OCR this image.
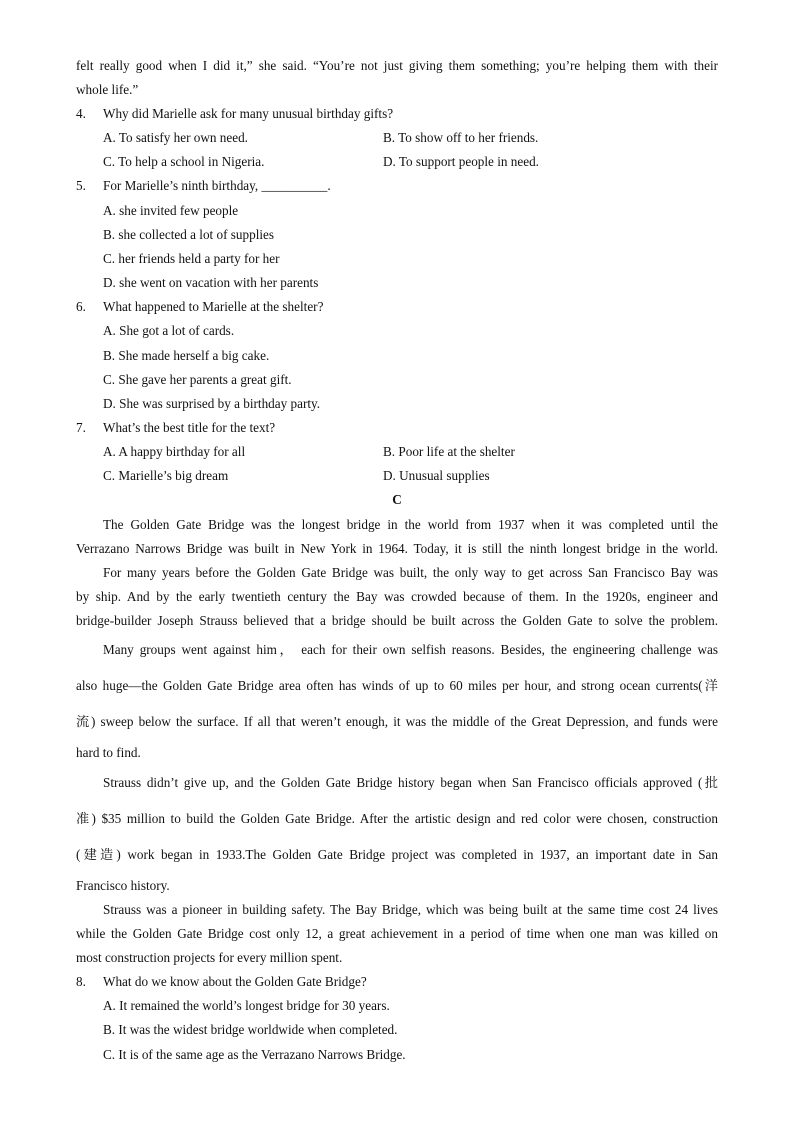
felt really good when I did it,” she said. “You’re not just giving them something; you’re helping them with their
whole life.”
4. Why did Marielle ask for many unusual birthday gifts?
A. To satisfy her own need.	B. To show off to her friends.
C. To help a school in Nigeria.	D. To support people in need.
5. For Marielle’s ninth birthday, __________.
A. she invited few people
B. she collected a lot of supplies
C. her friends held a party for her
D. she went on vacation with her parents
6. What happened to Marielle at the shelter?
A. She got a lot of cards.
B. She made herself a big cake.
C. She gave her parents a great gift.
D. She was surprised by a birthday party.
7. What’s the best title for the text?
A. A happy birthday for all	B. Poor life at the shelter
C. Marielle’s big dream	D. Unusual supplies
C
The Golden Gate Bridge was the longest bridge in the world from 1937 when it was completed until the
Verrazano Narrows Bridge was built in New York in 1964. Today, it is still the ninth longest bridge in the world.
For many years before the Golden Gate Bridge was built, the only way to get across San Francisco Bay was
by ship. And by the early twentieth century the Bay was crowded because of them. In the 1920s, engineer and
bridge-builder Joseph Strauss believed that a bridge should be built across the Golden Gate to solve the problem.
Many groups went against him， each for their own selfish reasons. Besides, the engineering challenge was
also huge—the Golden Gate Bridge area often has winds of up to 60 miles per hour, and strong ocean currents(洋
流) sweep below the surface. If all that weren’t enough, it was the middle of the Great Depression, and funds were
hard to find.
Strauss didn’t give up, and the Golden Gate Bridge history began when San Francisco officials approved (批
准) $35 million to build the Golden Gate Bridge. After the artistic design and red color were chosen, construction
(建造) work began in 1933.The Golden Gate Bridge project was completed in 1937, an important date in San
Francisco history.
Strauss was a pioneer in building safety. The Bay Bridge, which was being built at the same time cost 24 lives
while the Golden Gate Bridge cost only 12, a great achievement in a period of time when one man was killed on
most construction projects for every million spent.
8. What do we know about the Golden Gate Bridge?
A. It remained the world’s longest bridge for 30 years.
B. It was the widest bridge worldwide when completed.
C. It is of the same age as the Verrazano Narrows Bridge.
